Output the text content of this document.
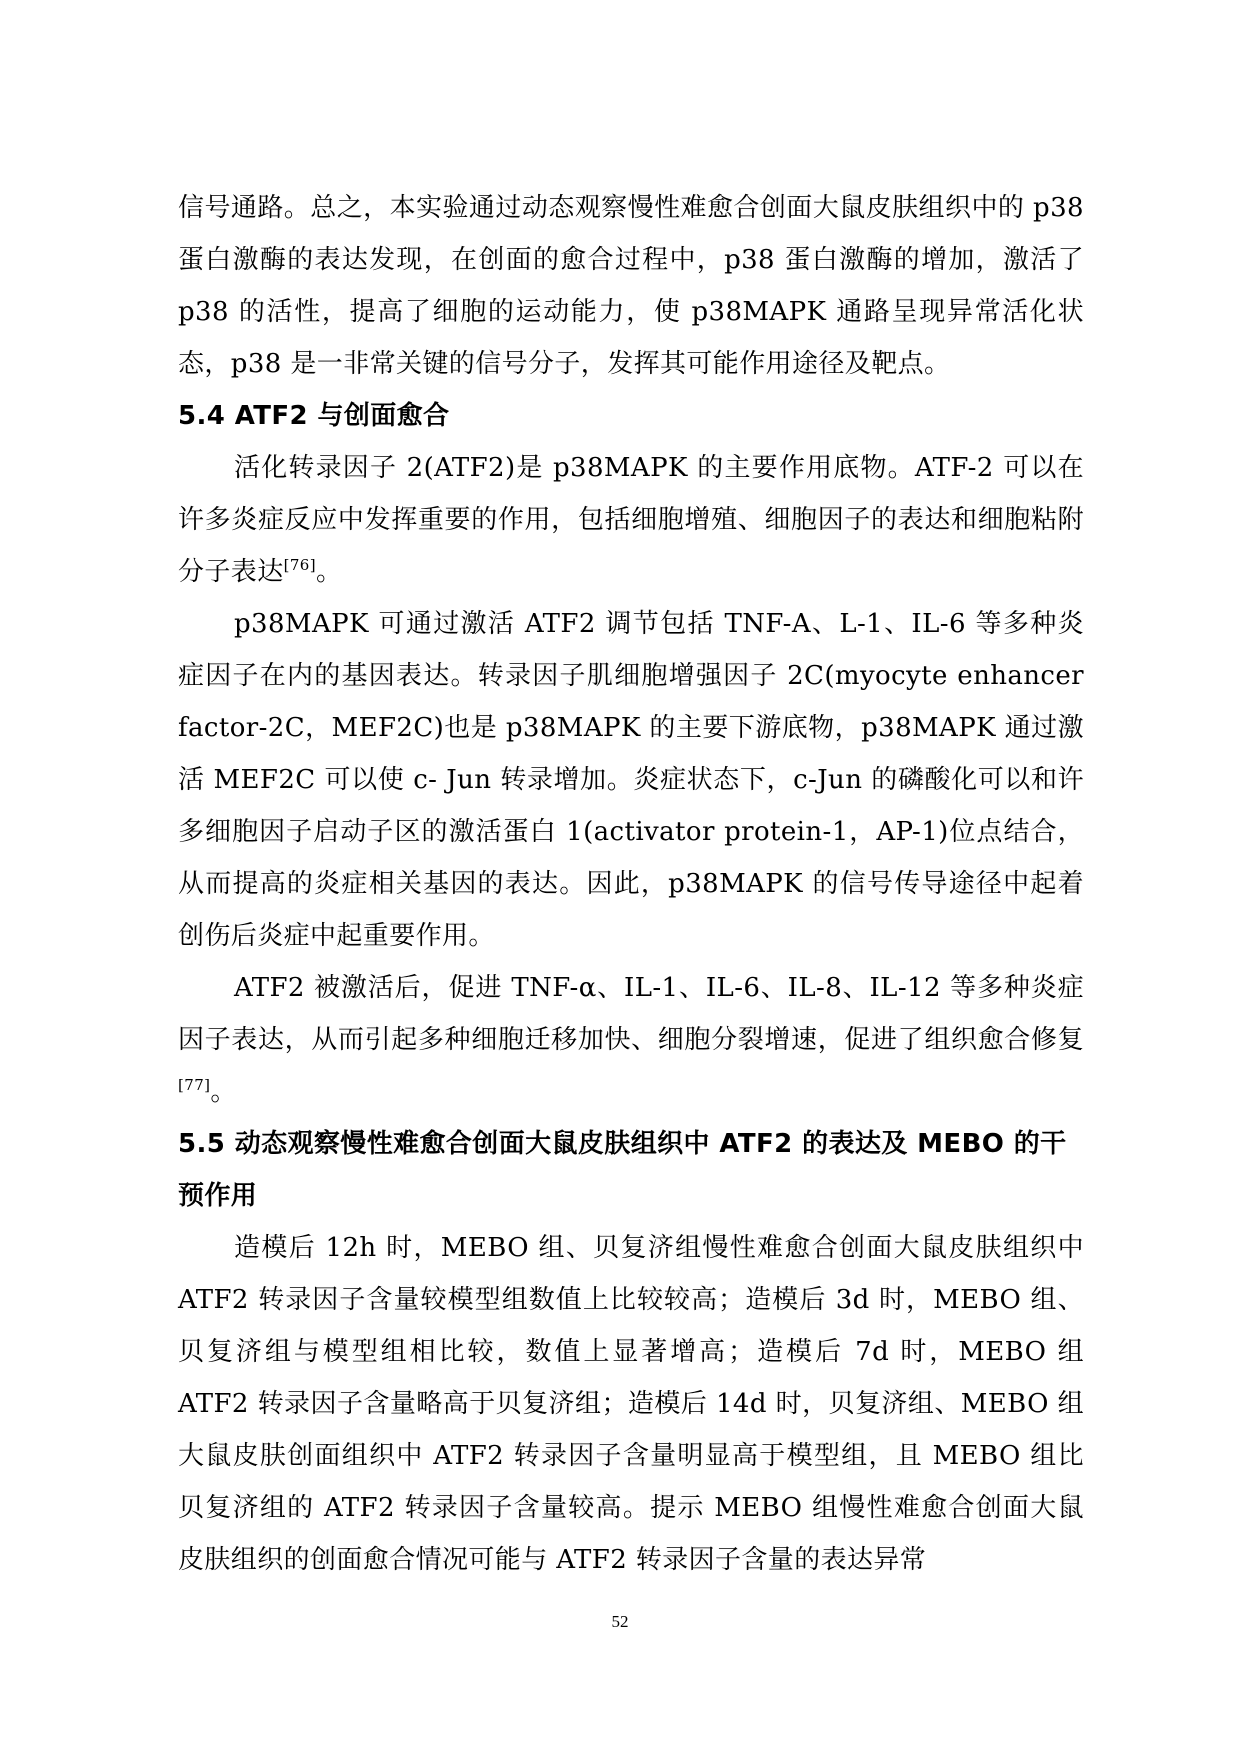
信号通路。总之，本实验通过动态观察慢性难愈合创面大鼠皮肤组织中的 p38 蛋白激酶的表达发现，在创面的愈合过程中，p38 蛋白激酶的增加，激活了 p38 的活性，提高了细胞的运动能力，使 p38MAPK 通路呈现异常活化状态，p38 是一非常关键的信号分子，发挥其可能作用途径及靶点。

5.4 ATF2 与创面愈合

活化转录因子 2(ATF2)是 p38MAPK 的主要作用底物。ATF-2 可以在许多炎症反应中发挥重要的作用，包括细胞增殖、细胞因子的表达和细胞粘附分子表达[76]。

p38MAPK 可通过激活 ATF2 调节包括 TNF-A、L-1、IL-6 等多种炎症因子在内的基因表达。转录因子肌细胞增强因子 2C(myocyte enhancer factor-2C，MEF2C)也是 p38MAPK 的主要下游底物，p38MAPK 通过激活 MEF2C 可以使 c- Jun 转录增加。炎症状态下，c-Jun 的磷酸化可以和许多细胞因子启动子区的激活蛋白 1(activator protein-1，AP-1)位点结合，从而提高的炎症相关基因的表达。因此，p38MAPK 的信号传导途径中起着创伤后炎症中起重要作用。

ATF2 被激活后，促进 TNF-α、IL-1、IL-6、IL-8、IL-12 等多种炎症因子表达，从而引起多种细胞迁移加快、细胞分裂增速，促进了组织愈合修复[77]。

5.5 动态观察慢性难愈合创面大鼠皮肤组织中 ATF2 的表达及 MEBO 的干预作用

造模后 12h 时，MEBO 组、贝复济组慢性难愈合创面大鼠皮肤组织中 ATF2 转录因子含量较模型组数值上比较较高；造模后 3d 时，MEBO 组、贝复济组与模型组相比较，数值上显著增高；造模后 7d 时，MEBO 组 ATF2 转录因子含量略高于贝复济组；造模后 14d 时，贝复济组、MEBO 组大鼠皮肤创面组织中 ATF2 转录因子含量明显高于模型组，且 MEBO 组比贝复济组的 ATF2 转录因子含量较高。提示 MEBO 组慢性难愈合创面大鼠皮肤组织的创面愈合情况可能与 ATF2 转录因子含量的表达异常

52
